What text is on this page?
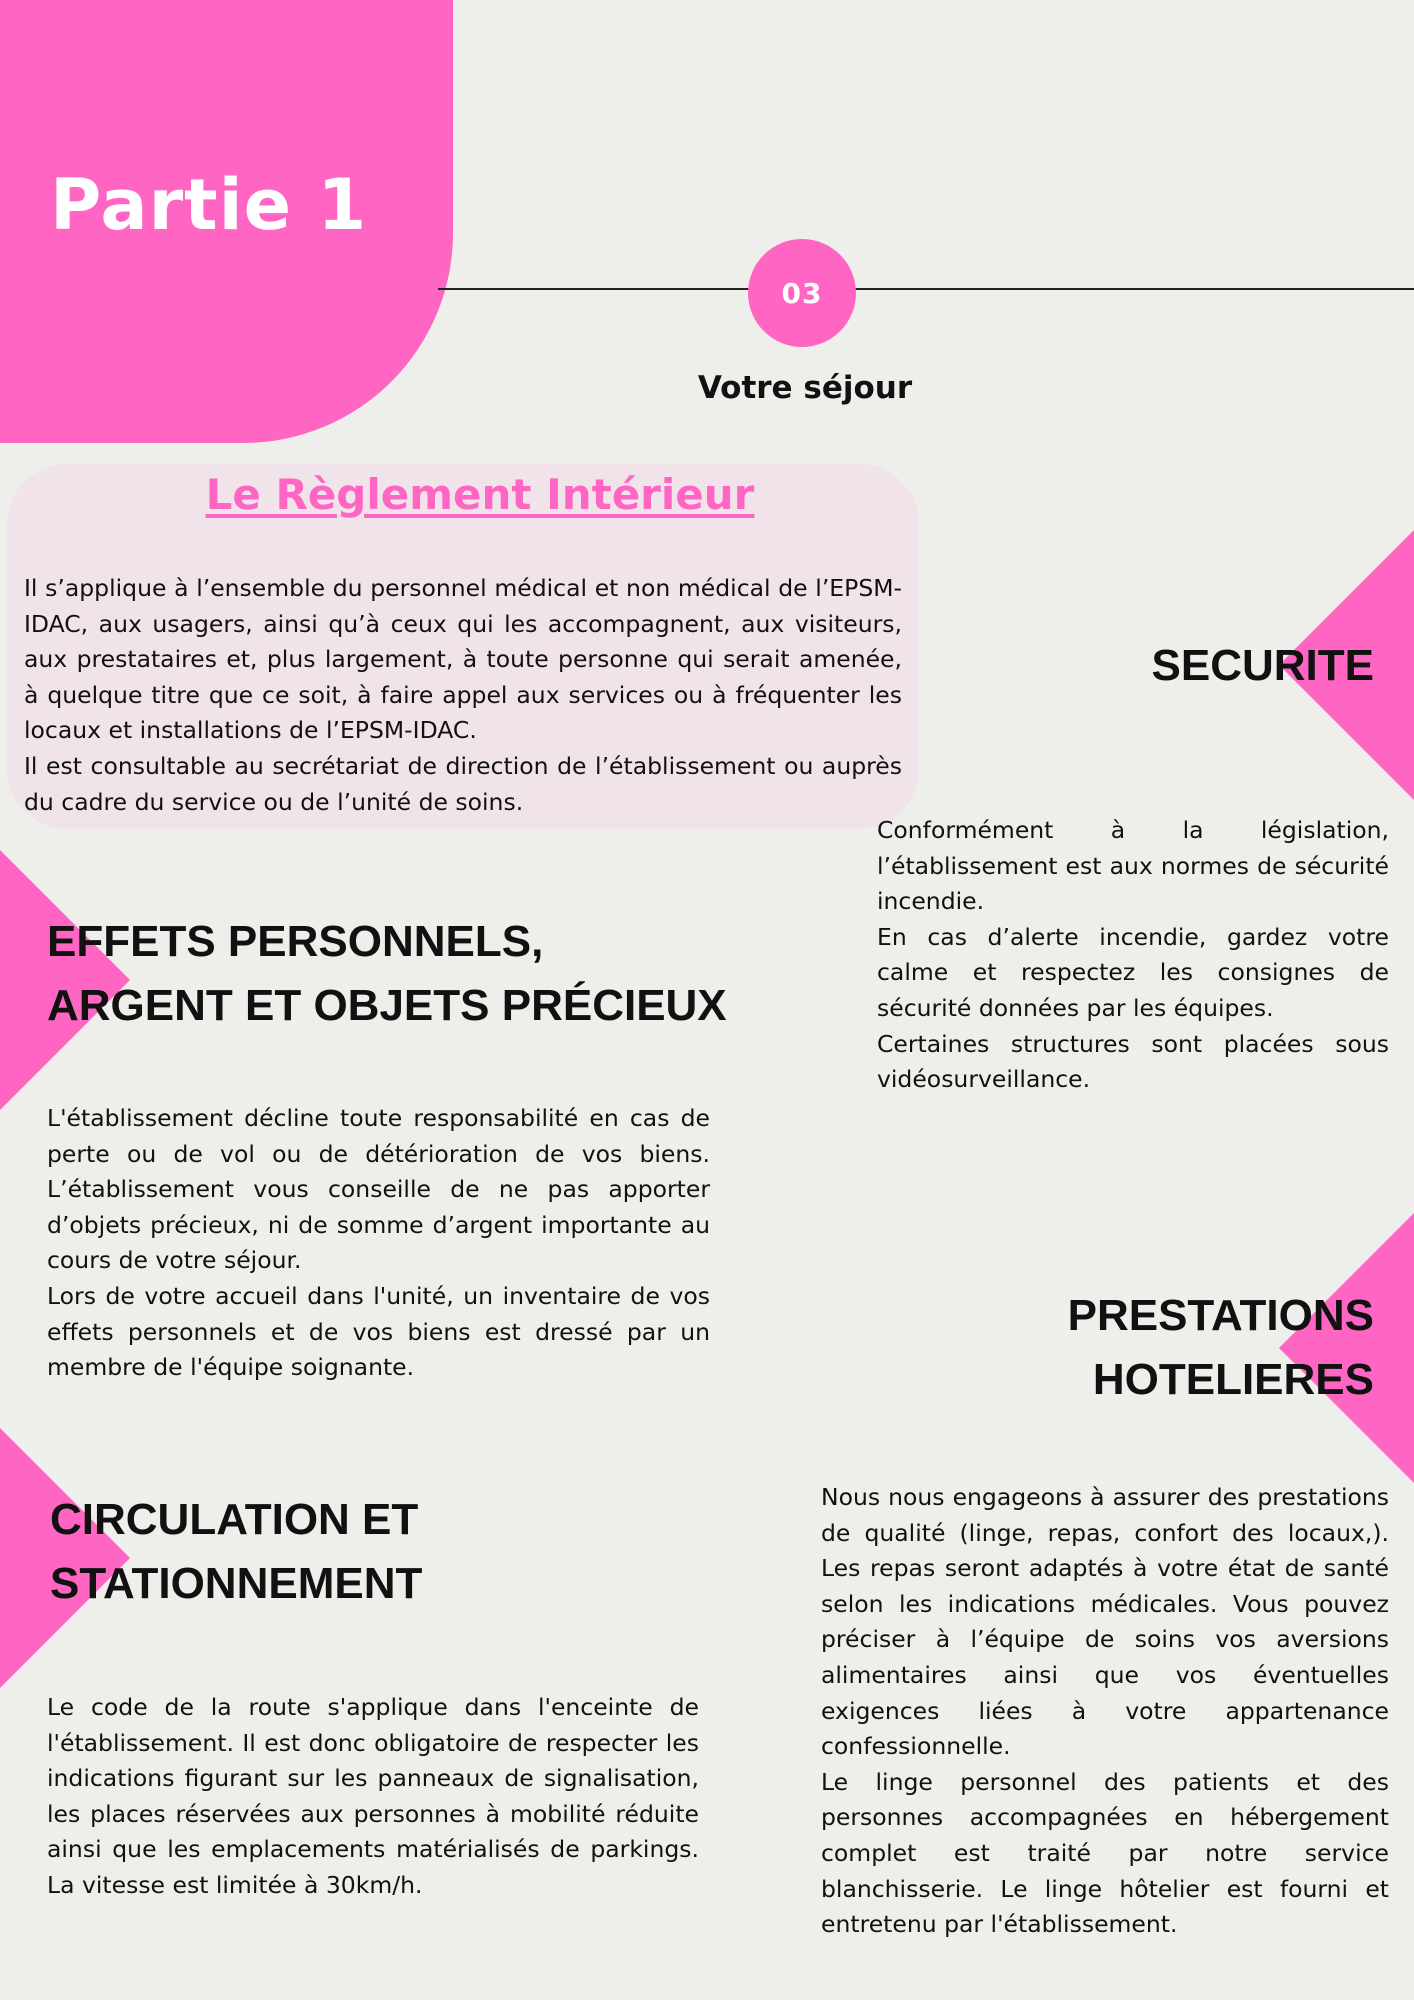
Partie 1
03
Votre séjour
Le Règlement Intérieur

Il s’applique à l’ensemble du personnel médical et non médical de l’EPSM-IDAC, aux usagers, ainsi qu’à ceux qui les accompagnent, aux visiteurs, aux prestataires et, plus largement, à toute personne qui serait amenée, à quelque titre que ce soit, à faire appel aux services ou à fréquenter les locaux et installations de l’EPSM-IDAC.

Il est consultable au secrétariat de direction de l’établissement ou auprès du cadre du service ou de l’unité de soins.

SECURITE

Conformément à la législation, l’établissement est aux normes de sécurité incendie.

En cas d’alerte incendie, gardez votre calme et respectez les consignes de sécurité données par les équipes.

Certaines structures sont placées sous vidéosurveillance.

EFFETS PERSONNELS,
ARGENT ET OBJETS PRÉCIEUX

L'établissement décline toute responsabilité en cas de perte ou de vol ou de détérioration de vos biens. L’établissement vous conseille de ne pas apporter d’objets précieux, ni de somme d’argent importante au cours de votre séjour.

Lors de votre accueil dans l'unité, un inventaire de vos effets personnels et de vos biens est dressé par un membre de l'équipe soignante.

PRESTATIONS
HOTELIERES

Nous nous engageons à assurer des prestations de qualité (linge, repas, confort des locaux,). Les repas seront adaptés à votre état de santé selon les indications médicales. Vous pouvez préciser à l’équipe de soins vos aversions alimentaires ainsi que vos éventuelles exigences liées à votre appartenance confessionnelle.

Le linge personnel des patients et des personnes accompagnées en hébergement complet est traité par notre service blanchisserie. Le linge hôtelier est fourni et entretenu par l'établissement.

CIRCULATION ET
STATIONNEMENT

Le code de la route s'applique dans l'enceinte de l'établissement. Il est donc obligatoire de respecter les indications figurant sur les panneaux de signalisation, les places réservées aux personnes à mobilité réduite ainsi que les emplacements matérialisés de parkings. La vitesse est limitée à 30km/h.
